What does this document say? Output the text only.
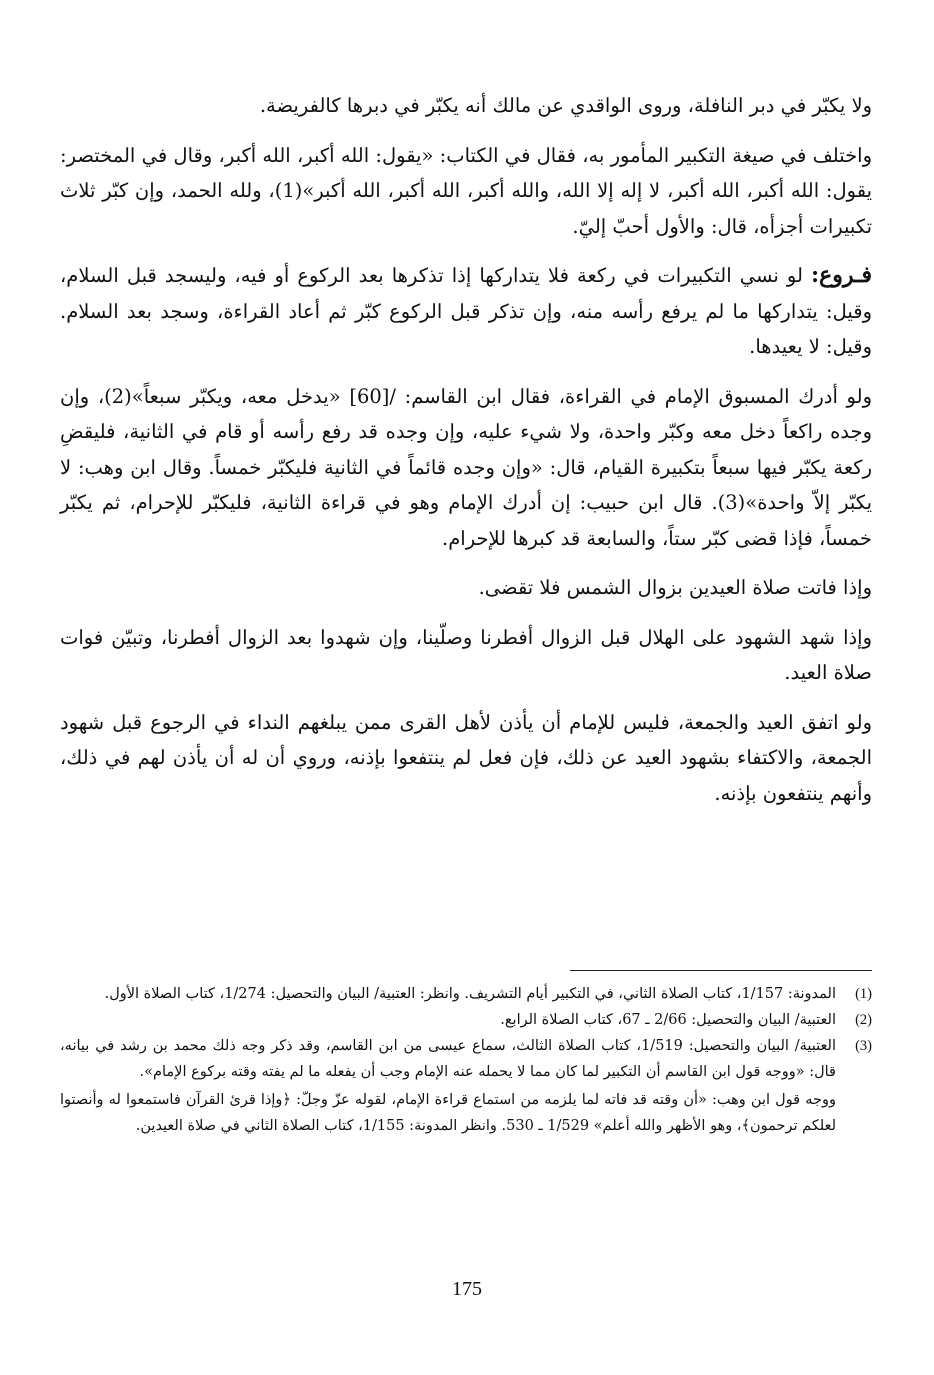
ولا يكبّر في دبر النافلة، وروى الواقدي عن مالك أنه يكبّر في دبرها كالفريضة.

واختلف في صيغة التكبير المأمور به، فقال في الكتاب: «يقول: الله أكبر، الله أكبر، وقال في المختصر: يقول: الله أكبر، الله أكبر، لا إله إلا الله، والله أكبر، الله أكبر، الله أكبر»(1)، ولله الحمد، وإن كبّر ثلاث تكبيرات أجزأه، قال: والأول أحبّ إليّ.

فـروع: لو نسي التكبيرات في ركعة فلا يتداركها إذا تذكرها بعد الركوع أو فيه، وليسجد قبل السلام، وقيل: يتداركها ما لم يرفع رأسه منه، وإن تذكر قبل الركوع كبّر ثم أعاد القراءة، وسجد بعد السلام. وقيل: لا يعيدها.

ولو أدرك المسبوق الإمام في القراءة، فقال ابن القاسم: /[60] «يدخل معه، ويكبّر سبعاً»(2)، وإن وجده راكعاً دخل معه وكبّر واحدة، ولا شيء عليه، وإن وجده قد رفع رأسه أو قام في الثانية، فليقضِ ركعة يكبّر فيها سبعاً بتكبيرة القيام، قال: «وإن وجده قائماً في الثانية فليكبّر خمساً. وقال ابن وهب: لا يكبّر إلاّ واحدة»(3). قال ابن حبيب: إن أدرك الإمام وهو في قراءة الثانية، فليكبّر للإحرام، ثم يكبّر خمساً، فإذا قضى كبّر ستاً، والسابعة قد كبرها للإحرام.

وإذا فاتت صلاة العيدين بزوال الشمس فلا تقضى.

وإذا شهد الشهود على الهلال قبل الزوال أفطرنا وصلّينا، وإن شهدوا بعد الزوال أفطرنا، وتبيّن فوات صلاة العيد.

ولو اتفق العيد والجمعة، فليس للإمام أن يأذن لأهل القرى ممن يبلغهم النداء في الرجوع قبل شهود الجمعة، والاكتفاء بشهود العيد عن ذلك، فإن فعل لم ينتفعوا بإذنه، وروي أن له أن يأذن لهم في ذلك، وأنهم ينتفعون بإذنه.

(1)
المدونة: 1/157، كتاب الصلاة الثاني، في التكبير أيام التشريف. وانظر: العتبية/ البيان والتحصيل: 1/274، كتاب الصلاة الأول.
(2)
العتبية/ البيان والتحصيل: 2/66 ـ 67، كتاب الصلاة الرابع.
(3)
العتبية/ البيان والتحصيل: 1/519، كتاب الصلاة الثالث، سماع عيسى من ابن القاسم، وقد ذكر وجه ذلك محمد بن رشد في بيانه، قال: «ووجه قول ابن القاسم أن التكبير لما كان مما لا يحمله عنه الإمام وجب أن يفعله ما لم يفته وقته بركوع الإمام».

ووجه قول ابن وهب: «أن وقته قد فاته لما يلزمه من استماع قراءة الإمام، لقوله عزّ وجلّ: ﴿وإذا قرئ القرآن فاستمعوا له وأنصتوا لعلكم ترحمون﴾، وهو الأظهر والله أعلم» 1/529 ـ 530. وانظر المدونة: 1/155، كتاب الصلاة الثاني في صلاة العيدين.

175
